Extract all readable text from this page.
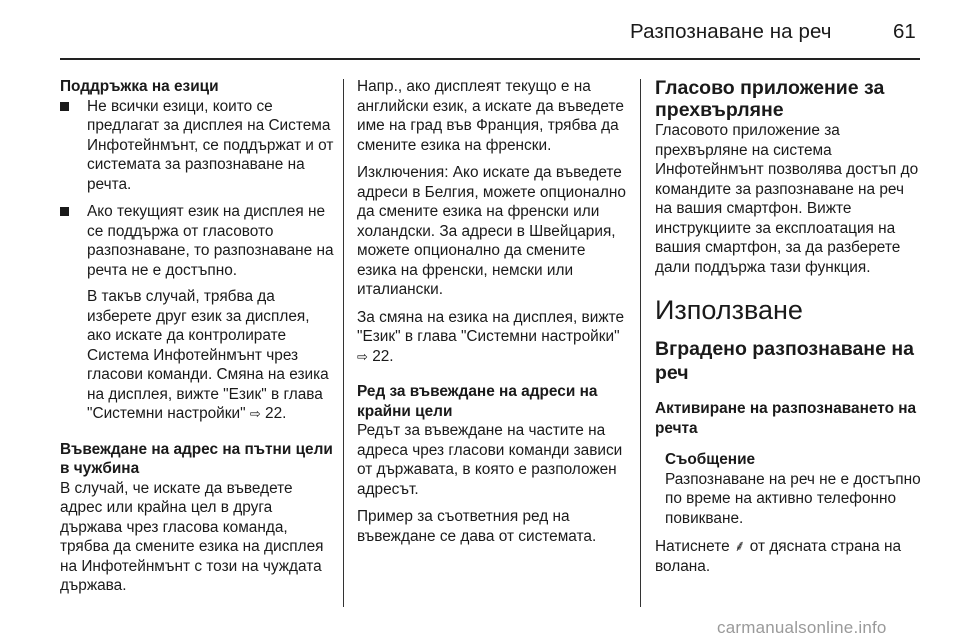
Разпознаване на реч	61

Поддръжка на езици

Не всички езици, които се предлагат за дисплея на Система Инфотейнмънт, се поддържат и от системата за разпознаване на речта.
Ако текущият език на дисплея не се поддържа от гласовото разпознаване, то разпознаване на речта не е достъпно.

В такъв случай, трябва да изберете друг език за дисплея, ако искате да контролирате Система Инфотейнмънт чрез гласови команди. Смяна на езика на дисплея, вижте "Език" в глава "Системни настройки" ⇨ 22.

Въвеждане на адрес на пътни цели в чужбина

В случай, че искате да въведете адрес или крайна цел в друга държава чрез гласова команда, трябва да смените езика на дисплея на Инфотейнмънт с този на чуждата държава.

Напр., ако дисплеят текущо е на английски език, а искате да въведете име на град във Франция, трябва да смените езика на френски.

Изключения: Ако искате да въведете адреси в Белгия, можете опционално да смените езика на френски или холандски. За адреси в Швейцария, можете опционално да смените езика на френски, немски или италиански.

За смяна на езика на дисплея, вижте "Език" в глава "Системни настройки" ⇨ 22.

Ред за въвеждане на адреси на крайни цели

Редът за въвеждане на частите на адреса чрез гласови команди зависи от държавата, в която е разположен адресът.

Пример за съответния ред на въвеждане се дава от системата.

Гласово приложение за прехвърляне

Гласовото приложение за прехвърляне на система Инфотейнмънт позволява достъп до командите за разпознаване на реч на вашия смартфон. Вижте инструкциите за експлоатация на вашия смартфон, за да разберете дали поддържа тази функция.

Използване

Вградено разпознаване на реч

Активиране на разпознаването на речта

Съобщение

Разпознаване на реч не е достъпно по време на активно телефонно повикване.

Натиснете ⸙ от дясната страна на волана.

carmanualsonline.info
